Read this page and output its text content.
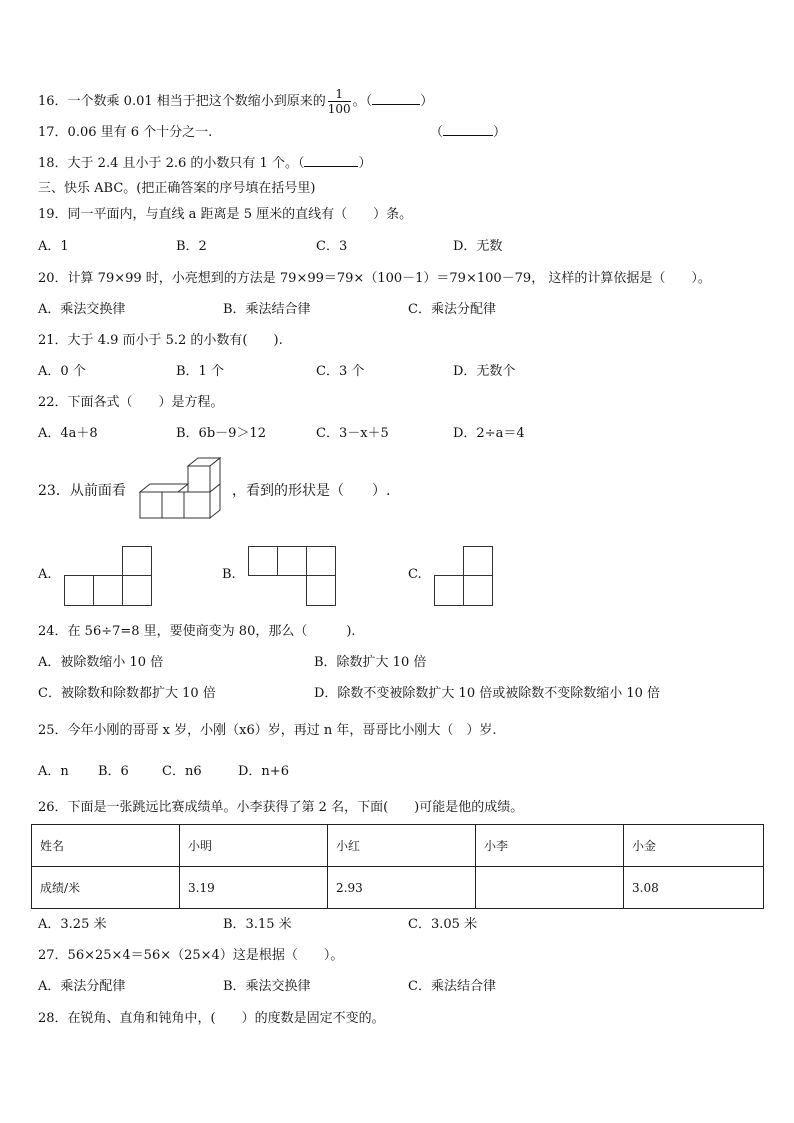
16．一个数乘 0.01 相当于把这个数缩小到原来的 $\frac{1}{100}$ 。（	）
17．0.06 里有 6 个十分之一.	（	）
18．大于 2.4 且小于 2.6 的小数只有 1 个。（	）
三、快乐 ABC。(把正确答案的序号填在括号里)
19．同一平面内，与直线 a 距离是 5 厘米的直线有（　　）条。
A．1	B．2	C．3	D．无数
20．计算 79×99 时，小亮想到的方法是 79×99＝79×（100－1）＝79×100－79， 这样的计算依据是（　　）。
A．乘法交换律	B．乘法结合律	C．乘法分配律
21．大于 4.9 而小于 5.2 的小数有(　　).
A．0 个	B．1 个	C．3 个	D．无数个
22．下面各式（　　）是方程。
A．4a＋8	B．6b－9＞12	C．3－x＋5	D．2÷a＝4
23．从前面看	，看到的形状是（　　）.
A.	B.	C.
24．在 56÷7=8 里，要使商变为 80，那么（　　　).
A．被除数缩小 10 倍	B．除数扩大 10 倍
C．被除数和除数都扩大 10 倍	D．除数不变被除数扩大 10 倍或被除数不变除数缩小 10 倍
25．今年小刚的哥哥 x 岁，小刚（x6）岁，再过 n 年，哥哥比小刚大（　）岁.
A．n B．6	C．n6	D．n+6
26．下面是一张跳远比赛成绩单。小李获得了第 2 名，下面(　　)可能是他的成绩。
姓名	小明	小红	小李	小金
成绩/米	3.19	2.93		3.08
A．3.25 米	B．3.15 米	C．3.05 米
27．56×25×4＝56×（25×4）这是根据（　　）。
A．乘法分配律	B．乘法交换律	C．乘法结合律
28．在锐角、直角和钝角中，(　　）的度数是固定不变的。
